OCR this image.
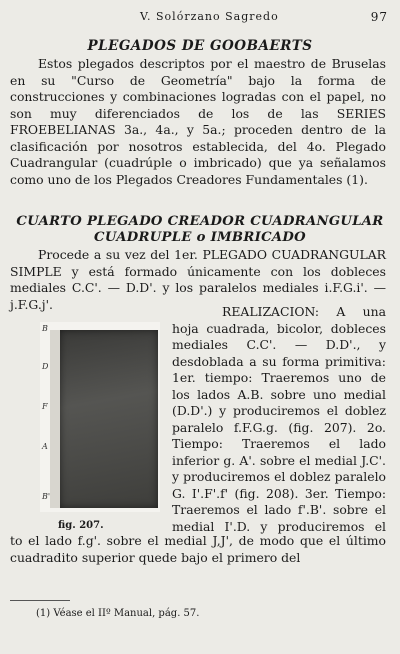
V. Solórzano Sagredo	97
PLEGADOS DE GOOBAERTS
Estos plegados descriptos por el maestro de Bruselas en su "Curso de Geometría" bajo la forma de construcciones y combinaciones logradas con el papel, no son muy diferenciados de los de las SERIES FROEBELIANAS 3a., 4a., y 5a.; proceden dentro de la clasificación por nosotros establecida, del 4o. Plegado Cuadrangular (cuadrúple o imbricado) que ya señalamos como uno de los Plegados Creadores Fundamentales (1).
CUARTO PLEGADO CREADOR CUADRANGULAR
CUADRUPLE o IMBRICADO
Procede a su vez del 1er. PLEGADO CUADRANGULAR SIMPLE y está formado únicamente con los dobleces mediales C.C'. — D.D'. y los paralelos mediales i.F.G.i'. — j.F.G.j'.
B
D
F
A
B'
fig. 207.
REALIZACION: A una hoja cuadrada, bicolor, dobleces mediales C.C'. — D.D'., y desdoblada a su forma primitiva: 1er. tiempo: Traeremos uno de los lados A.B. sobre uno medial (D.D'.) y produciremos el doblez paralelo f.F.G.g. (fig. 207). 2o. Tiempo: Traeremos el lado inferior g. A'. sobre el medial J.C'. y produciremos el doblez paralelo G. I'.F'.f' (fig. 208). 3er. Tiempo: Traeremos el lado f'.B'. sobre el medial I'.D. y produciremos el
(1) Véase el IIº Manual, pág. 57.
to el lado f.g'. sobre el medial J,J', de modo que el último cuadradito superior quede bajo el primero del
